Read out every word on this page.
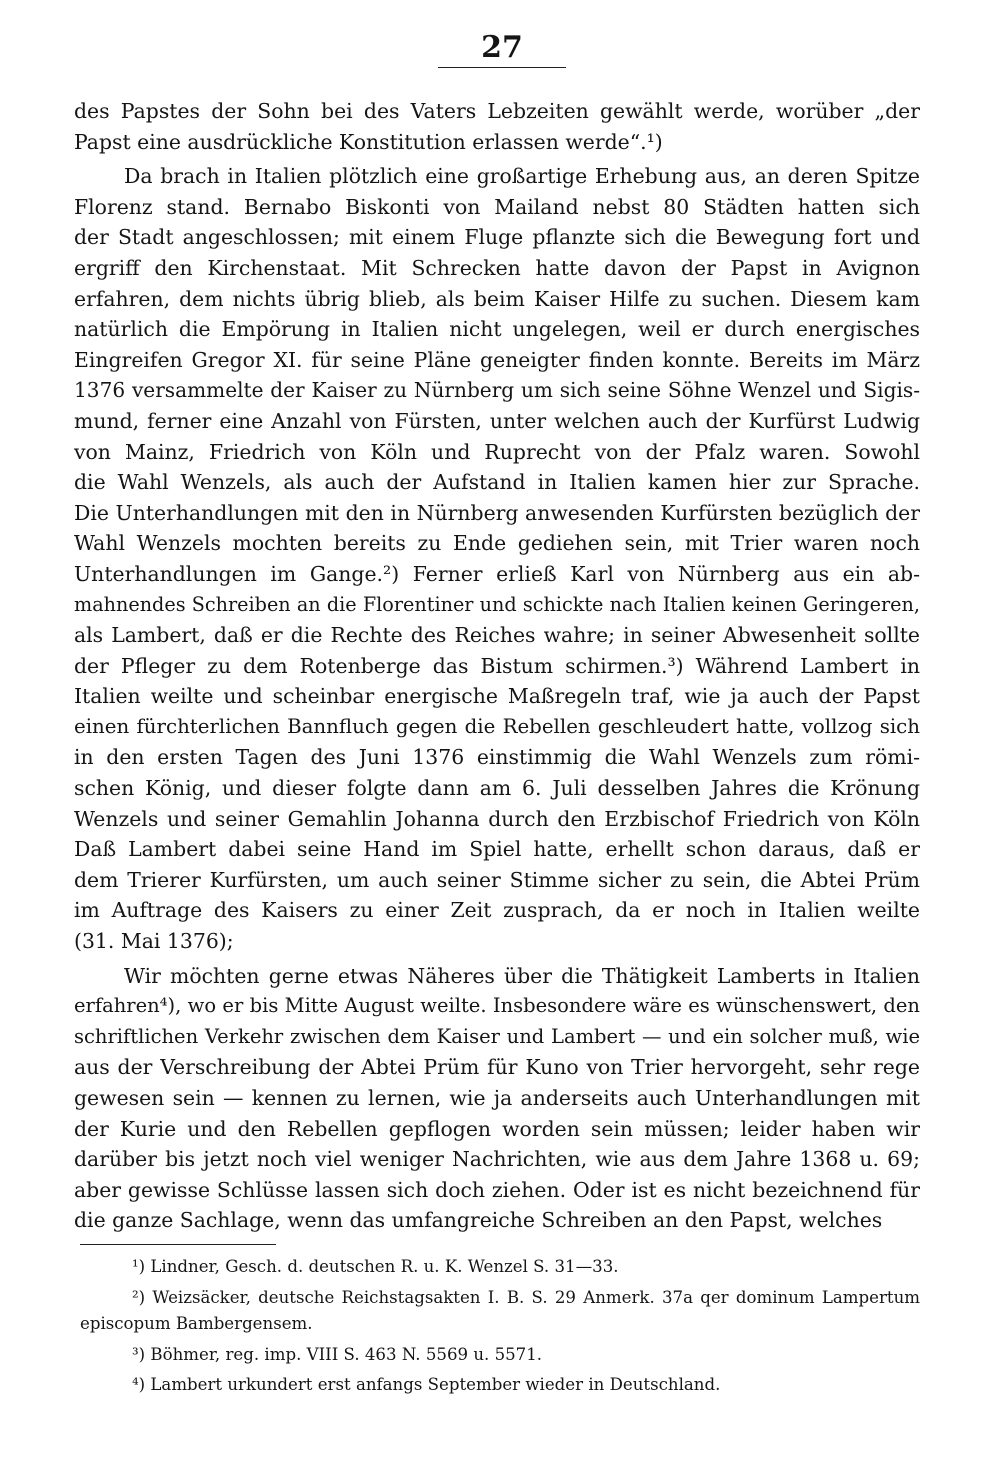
27
des Papstes der Sohn bei des Vaters Lebzeiten gewählt werde, worüber „der
Papst eine ausdrückliche Konstitution erlassen werde“.¹)
Da brach in Italien plötzlich eine großartige Erhebung aus, an deren Spitze
Florenz stand. Bernabo Biskonti von Mailand nebst 80 Städten hatten sich
der Stadt angeschlossen; mit einem Fluge pflanzte sich die Bewegung fort und
ergriff den Kirchenstaat. Mit Schrecken hatte davon der Papst in Avignon
erfahren, dem nichts übrig blieb, als beim Kaiser Hilfe zu suchen. Diesem kam
natürlich die Empörung in Italien nicht ungelegen, weil er durch energisches
Eingreifen Gregor XI. für seine Pläne geneigter finden konnte. Bereits im März
1376 versammelte der Kaiser zu Nürnberg um sich seine Söhne Wenzel und Sigis-
mund, ferner eine Anzahl von Fürsten, unter welchen auch der Kurfürst Ludwig
von Mainz, Friedrich von Köln und Ruprecht von der Pfalz waren. Sowohl
die Wahl Wenzels, als auch der Aufstand in Italien kamen hier zur Sprache.
Die Unterhandlungen mit den in Nürnberg anwesenden Kurfürsten bezüglich der
Wahl Wenzels mochten bereits zu Ende gediehen sein, mit Trier waren noch
Unterhandlungen im Gange.²) Ferner erließ Karl von Nürnberg aus ein ab-
mahnendes Schreiben an die Florentiner und schickte nach Italien keinen Geringeren,
als Lambert, daß er die Rechte des Reiches wahre; in seiner Abwesenheit sollte
der Pfleger zu dem Rotenberge das Bistum schirmen.³) Während Lambert in
Italien weilte und scheinbar energische Maßregeln traf, wie ja auch der Papst
einen fürchterlichen Bannfluch gegen die Rebellen geschleudert hatte, vollzog sich
in den ersten Tagen des Juni 1376 einstimmig die Wahl Wenzels zum römi-
schen König, und dieser folgte dann am 6. Juli desselben Jahres die Krönung
Wenzels und seiner Gemahlin Johanna durch den Erzbischof Friedrich von Köln
Daß Lambert dabei seine Hand im Spiel hatte, erhellt schon daraus, daß er
dem Trierer Kurfürsten, um auch seiner Stimme sicher zu sein, die Abtei Prüm
im Auftrage des Kaisers zu einer Zeit zusprach, da er noch in Italien weilte
(31. Mai 1376);
Wir möchten gerne etwas Näheres über die Thätigkeit Lamberts in Italien
erfahren⁴), wo er bis Mitte August weilte. Insbesondere wäre es wünschenswert, den
schriftlichen Verkehr zwischen dem Kaiser und Lambert — und ein solcher muß, wie
aus der Verschreibung der Abtei Prüm für Kuno von Trier hervorgeht, sehr rege
gewesen sein — kennen zu lernen, wie ja anderseits auch Unterhandlungen mit
der Kurie und den Rebellen gepflogen worden sein müssen; leider haben wir
darüber bis jetzt noch viel weniger Nachrichten, wie aus dem Jahre 1368 u. 69;
aber gewisse Schlüsse lassen sich doch ziehen. Oder ist es nicht bezeichnend für
die ganze Sachlage, wenn das umfangreiche Schreiben an den Papst, welches
¹) Lindner, Gesch. d. deutschen R. u. K. Wenzel S. 31—33.
²) Weizsäcker, deutsche Reichstagsakten I. B. S. 29 Anmerk. 37a qer dominum Lampertum
episcopum Bambergensem.
³) Böhmer, reg. imp. VIII S. 463 N. 5569 u. 5571.
⁴) Lambert urkundert erst anfangs September wieder in Deutschland.
